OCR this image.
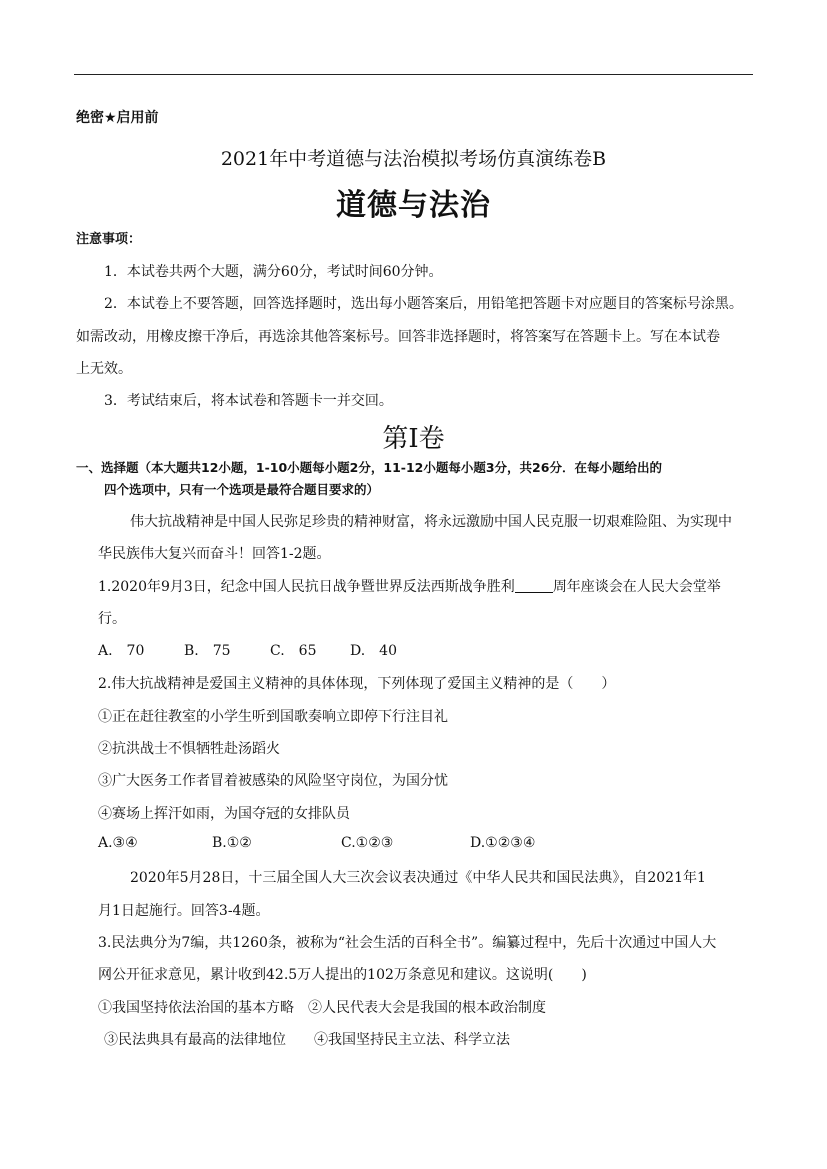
绝密★启用前
2021年中考道德与法治模拟考场仿真演练卷B
道德与法治
注意事项：
1．本试卷共两个大题，满分60分，考试时间60分钟。
2．本试卷上不要答题，回答选择题时，选出每小题答案后，用铅笔把答题卡对应题目的答案标号涂黑。
如需改动，用橡皮擦干净后，再选涂其他答案标号。回答非选择题时，将答案写在答题卡上。写在本试卷
上无效。
3．考试结束后，将本试卷和答题卡一并交回。
第Ⅰ卷
一、选择题（本大题共12小题，1-10小题每小题2分，11-12小题每小题3分，共26分．在每小题给出的
四个选项中，只有一个选项是最符合题目要求的）
伟大抗战精神是中国人民弥足珍贵的精神财富，将永远激励中国人民克服一切艰难险阻、为实现中
华民族伟大复兴而奋斗！回答1-2题。
1.2020年9月3日，纪念中国人民抗日战争暨世界反法西斯战争胜利	周年座谈会在人民大会堂举
行。
A.　70	B.　75	C.　65 D.　40
2.伟大抗战精神是爱国主义精神的具体体现，下列体现了爱国主义精神的是（　　）
①正在赶往教室的小学生听到国歌奏响立即停下行注目礼
②抗洪战士不惧牺牲赴汤蹈火
③广大医务工作者冒着被感染的风险坚守岗位，为国分忧
④赛场上挥汗如雨，为国夺冠的女排队员
A.③④	B.①②	C.①②③	D.①②③④
2020年5月28日，十三届全国人大三次会议表决通过《中华人民共和国民法典》，自2021年1
月1日起施行。回答3-4题。
3.民法典分为7编，共1260条，被称为“社会生活的百科全书”。编纂过程中，先后十次通过中国人大
网公开征求意见，累计收到42.5万人提出的102万条意见和建议。这说明(　　)
①我国坚持依法治国的基本方略　②人民代表大会是我国的根本政治制度
③民法典具有最高的法律地位　　④我国坚持民主立法、科学立法
